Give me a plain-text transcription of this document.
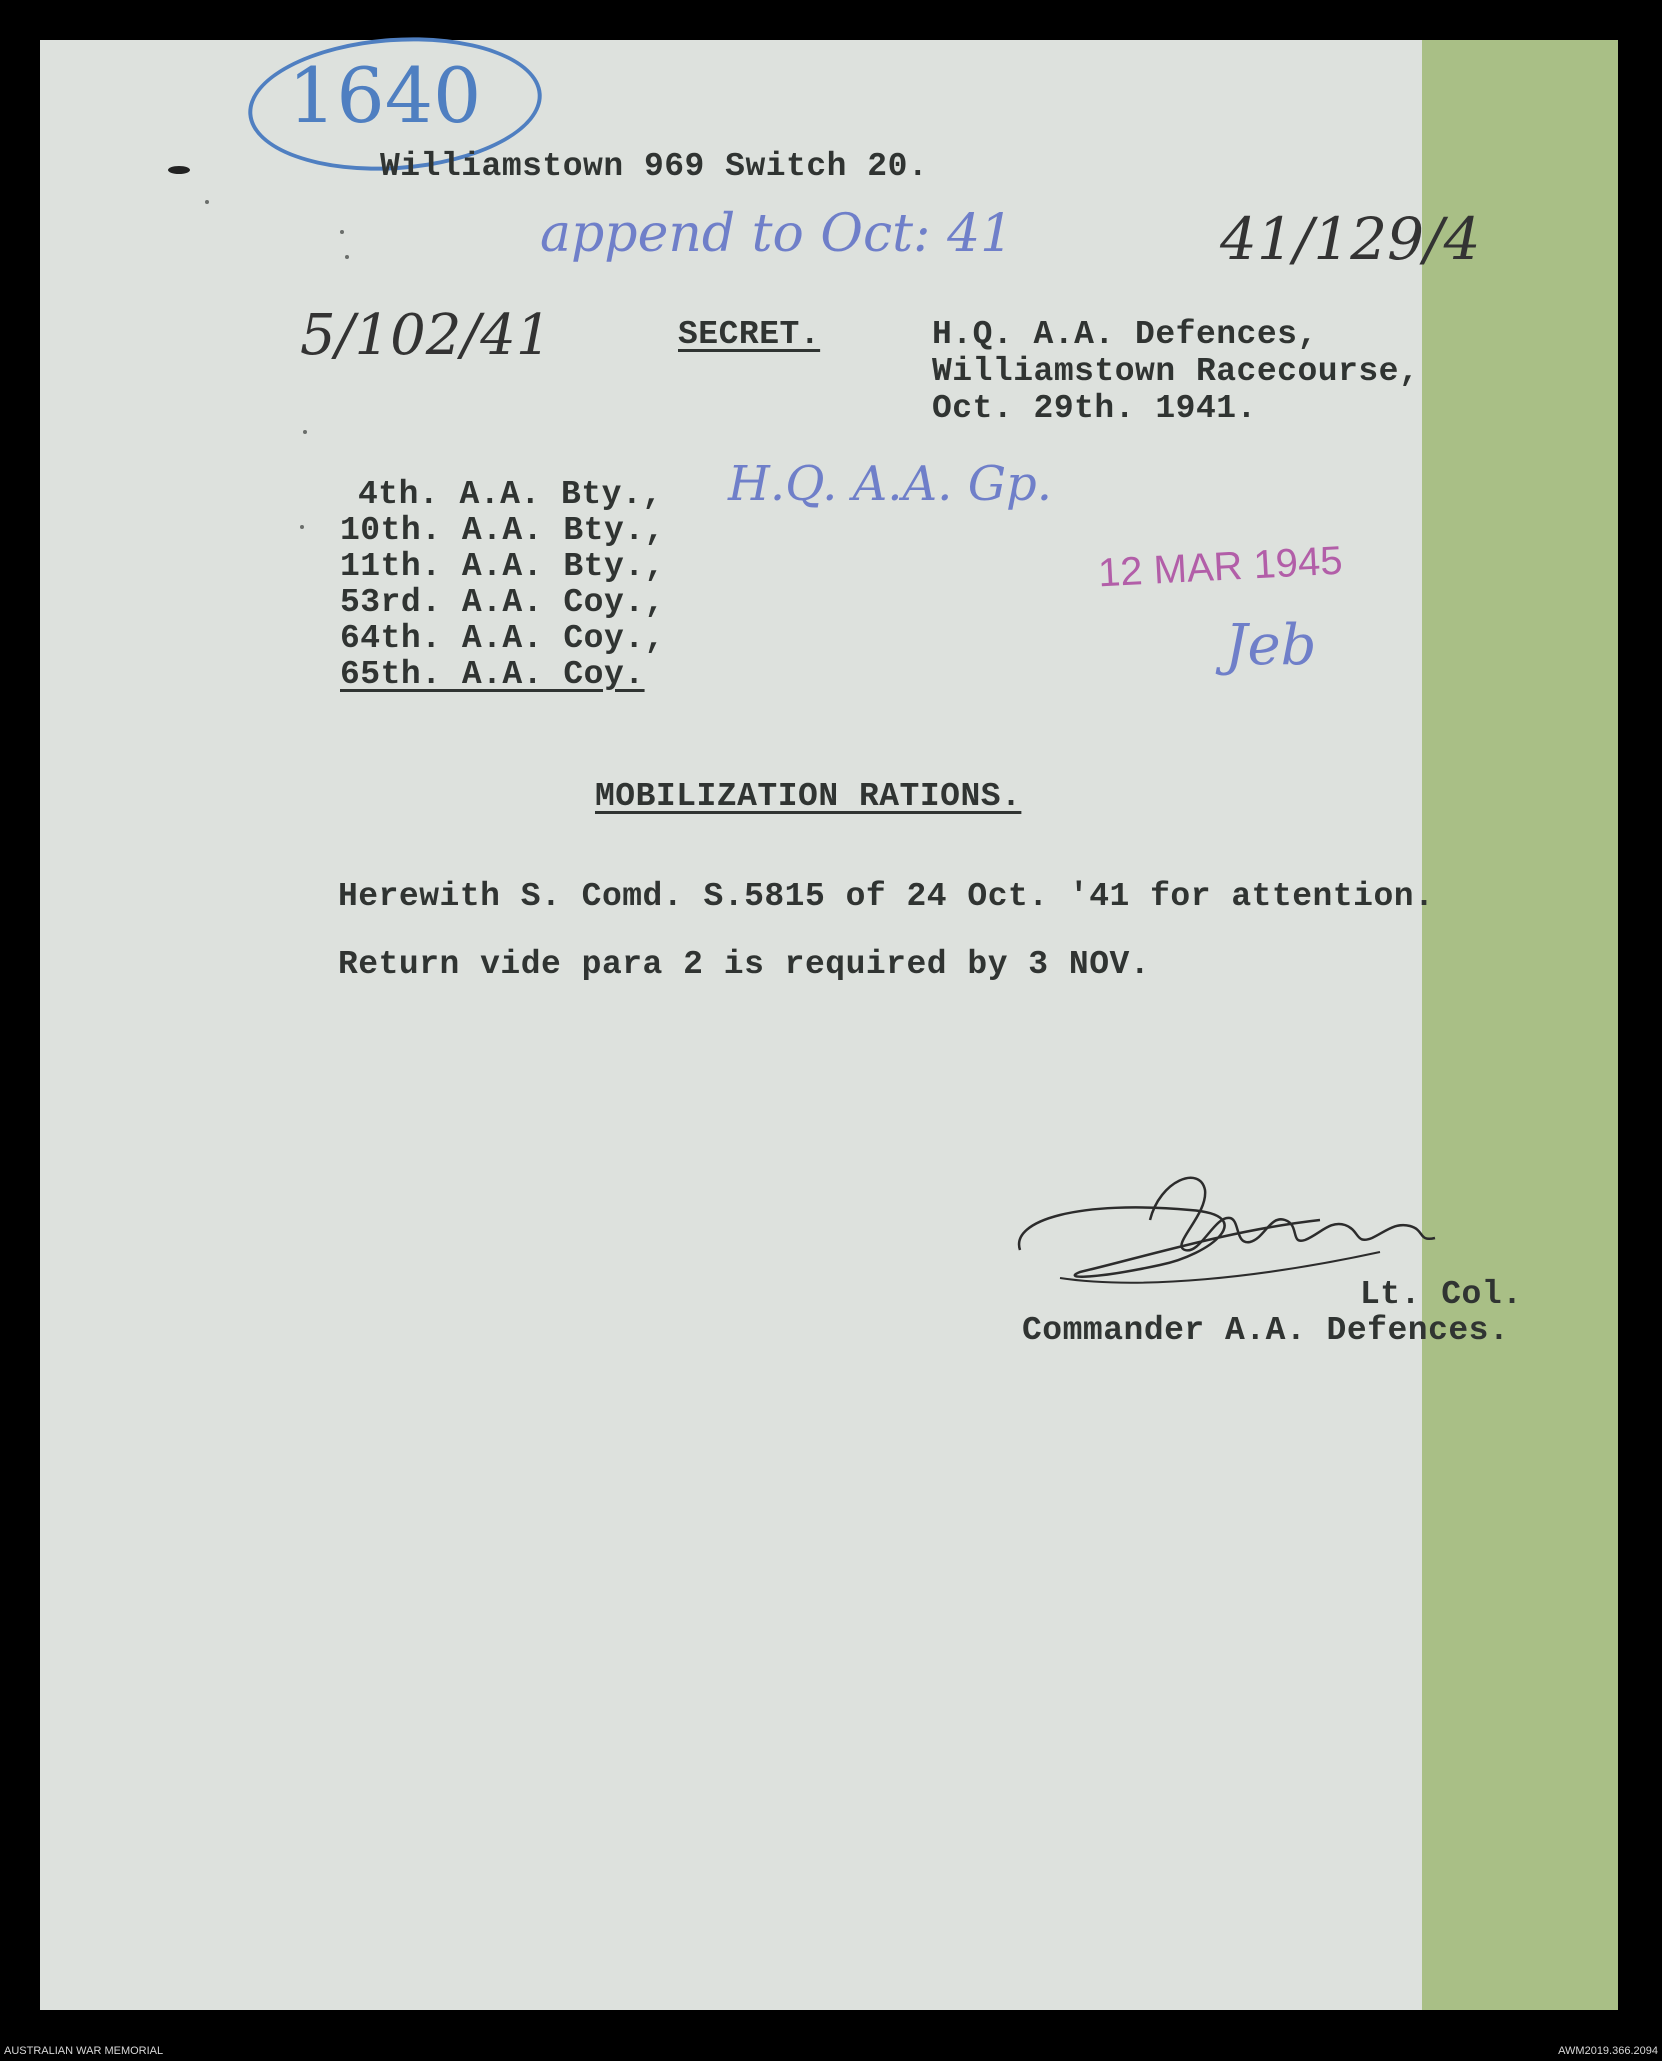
1640
Williamstown 969 Switch 20.
append to Oct: 41	41/129/4
5/102/41	SECRET.	H.Q. A.A. Defences,
Williamstown Racecourse,
Oct. 29th. 1941.
H.Q. A.A. Gp.
4th. A.A. Bty.,
10th. A.A. Bty.,
11th. A.A. Bty.,
53rd. A.A. Coy.,
64th. A.A. Coy.,
65th. A.A. Coy.
12 MAR 1945
Jeb
MOBILIZATION RATIONS.
Herewith S. Comd. S.5815 of 24 Oct. '41 for attention.
Return vide para 2 is required by 3 NOV.
Lt. Col.
Commander A.A. Defences.
AUSTRALIAN WAR MEMORIAL	AWM2019.366.2094
